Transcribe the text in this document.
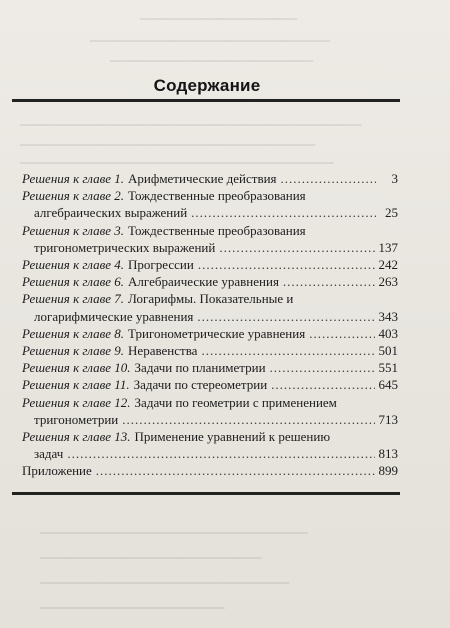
▁▁▁▁▁▁▁▁▁▁▁▁▁▁▁▁▁
▁▁▁▁▁▁▁▁▁▁▁▁▁▁▁▁▁▁▁▁▁▁▁▁▁▁
▁▁▁▁▁▁▁▁▁▁▁▁▁▁▁▁▁▁▁▁▁▁
▁▁▁▁▁▁▁▁▁▁▁▁▁▁▁▁▁▁▁▁▁▁▁▁▁▁▁▁▁▁▁▁▁▁▁▁▁
▁▁▁▁▁▁▁▁▁▁▁▁▁▁▁▁▁▁▁▁▁▁▁▁▁▁▁▁▁▁▁▁
▁▁▁▁▁▁▁▁▁▁▁▁▁▁▁▁▁▁▁▁▁▁▁▁▁▁▁▁▁▁▁▁▁▁
▁▁▁▁▁▁▁▁▁▁▁▁▁▁▁▁▁▁▁▁▁▁▁▁▁▁▁▁▁
▁▁▁▁▁▁▁▁▁▁▁▁▁▁▁▁▁▁▁▁▁▁▁▁
▁▁▁▁▁▁▁▁▁▁▁▁▁▁▁▁▁▁▁▁▁▁▁▁▁▁▁
▁▁▁▁▁▁▁▁▁▁▁▁▁▁▁▁▁▁▁▁
Содержание
Решения к главе 1. Арифметические действия .....	3
Решения к главе 2. Тождественные преобразования
алгебраических выражений .....	25
Решения к главе 3. Тождественные преобразования
тригонометрических выражений .....	137
Решения к главе 4. Прогрессии .....	242
Решения к главе 6. Алгебраические уравнения .....	263
Решения к главе 7. Логарифмы. Показательные и
логарифмические уравнения .....	343
Решения к главе 8. Тригонометрические уравнения .....	403
Решения к главе 9. Неравенства .....	501
Решения к главе 10. Задачи по планиметрии .....	551
Решения к главе 11. Задачи по стереометрии .....	645
Решения к главе 12. Задачи по геометрии с применением
тригонометрии .....	713
Решения к главе 13. Применение уравнений к решению
задач .....	813
Приложение .....	899
